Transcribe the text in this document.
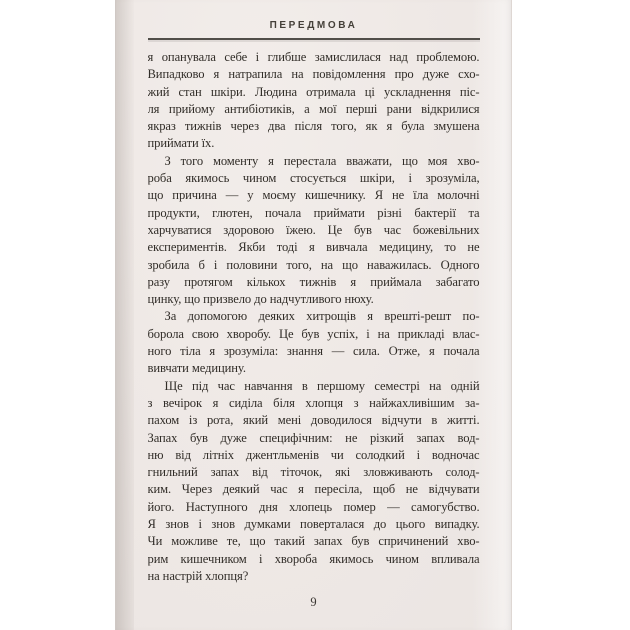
ПЕРЕДМОВА
я опанувала себе і глибше замислилася над проблемою.
Випадково я натрапила на повідомлення про дуже схо-
жий стан шкіри. Людина отримала ці ускладнення піс-
ля прийому антибіотиків, а мої перші рани відкрилися
якраз тижнів через два після того, як я була змушена
приймати їх.
З того моменту я перестала вважати, що моя хво-
роба якимось чином стосується шкіри, і зрозуміла,
що причина — у моєму кишечнику. Я не їла молочні
продукти, глютен, почала приймати різні бактерії та
харчуватися здоровою їжею. Це був час божевільних
експериментів. Якби тоді я вивчала медицину, то не
зробила б і половини того, на що наважилась. Одного
разу протягом кількох тижнів я приймала забагато
цинку, що призвело до надчутливого нюху.
За допомогою деяких хитрощів я врешті-решт по-
борола свою хворобу. Це був успіх, і на прикладі влас-
ного тіла я зрозуміла: знання — сила. Отже, я почала
вивчати медицину.
Ще під час навчання в першому семестрі на одній
з вечірок я сиділа біля хлопця з найжахливішим за-
пахом із рота, який мені доводилося відчути в житті.
Запах був дуже специфічним: не різкий запах вод-
ню від літніх джентльменів чи солодкий і водночас
гнильний запах від тіточок, які зловживають солод-
ким. Через деякий час я пересіла, щоб не відчувати
його. Наступного дня хлопець помер — самогубство.
Я знов і знов думками поверталася до цього випадку.
Чи можливе те, що такий запах був спричинений хво-
рим кишечником і хвороба якимось чином впливала
на настрій хлопця?
9
